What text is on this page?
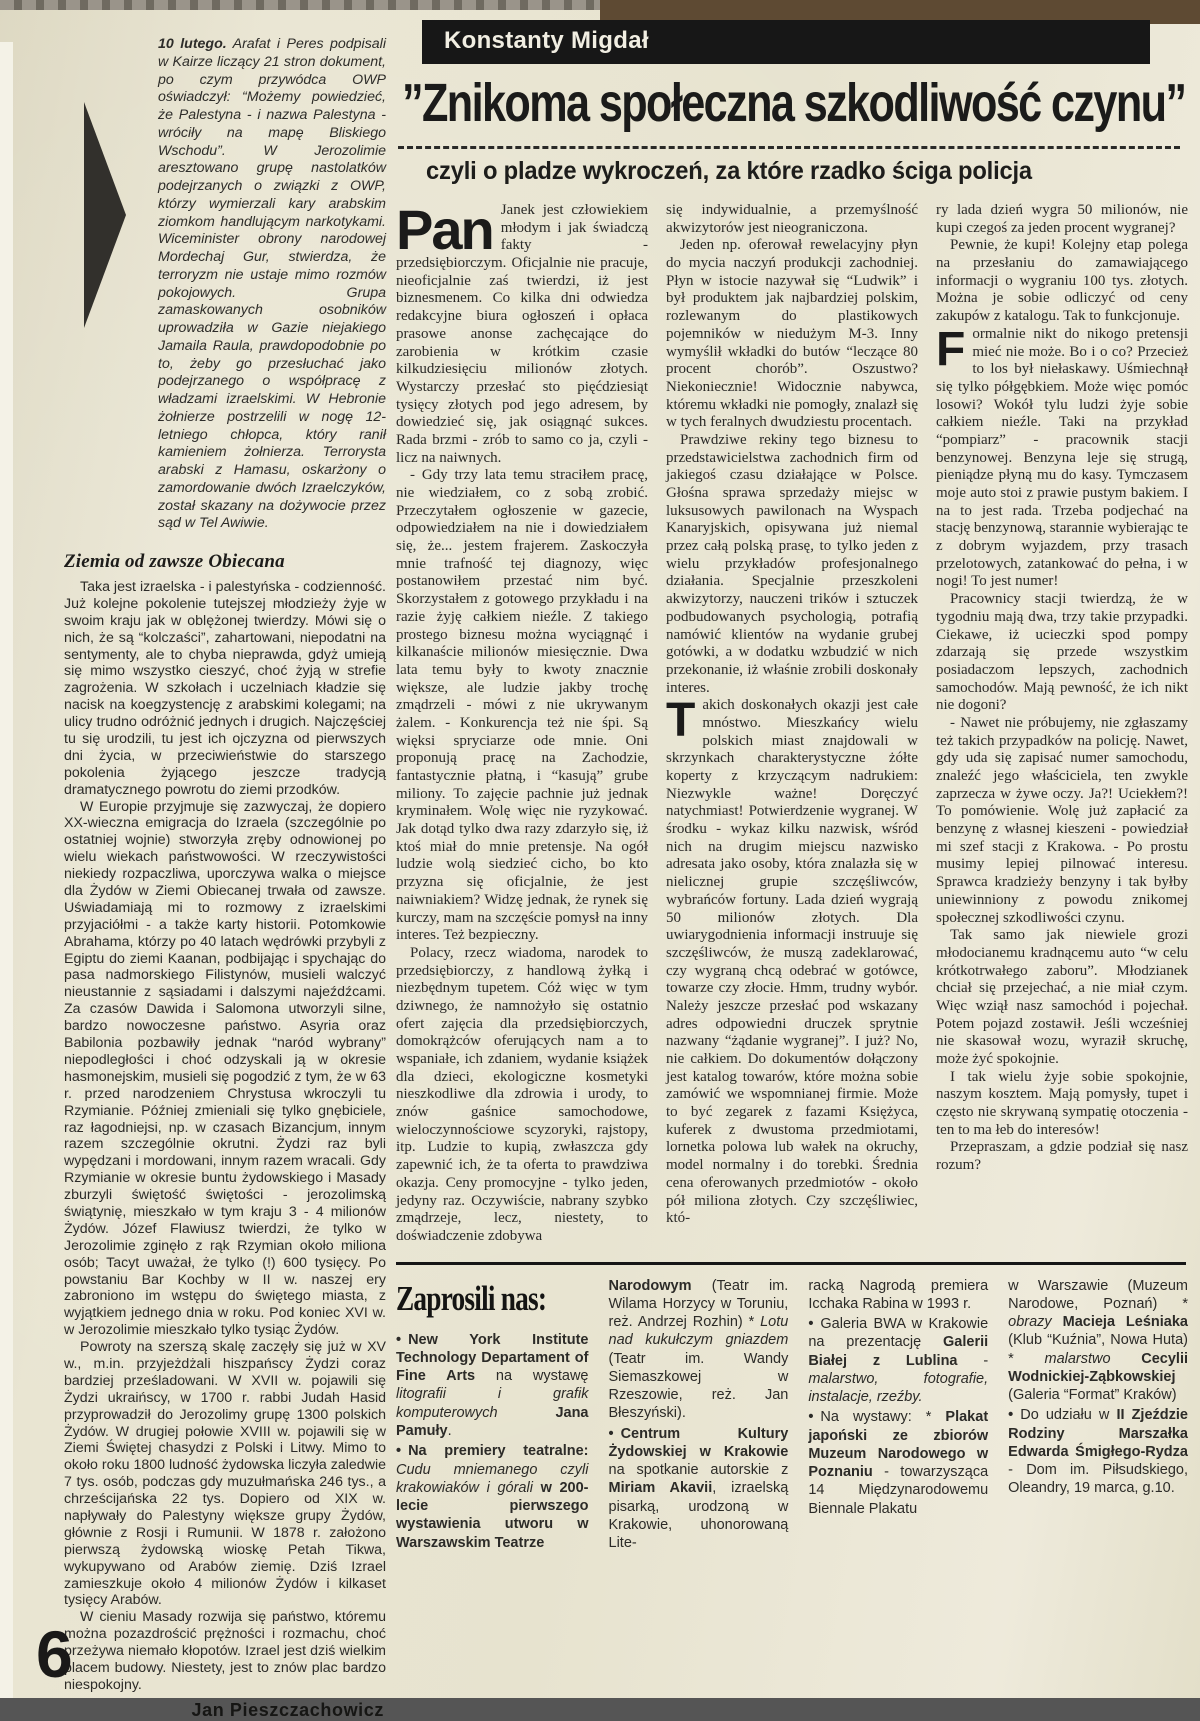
10 lutego. Arafat i Peres podpisali w Kairze liczący 21 stron dokument, po czym przywódca OWP oświadczył: “Możemy powiedzieć, że Palestyna - i nazwa Palestyna - wróciły na mapę Bliskiego Wschodu”. W Jerozolimie aresztowano grupę nastolatków podejrzanych o związki z OWP, którzy wymierzali kary arabskim ziomkom handlującym narkotykami. Wiceminister obrony narodowej Mordechaj Gur, stwierdza, że terroryzm nie ustaje mimo rozmów pokojowych. Grupa zamaskowanych osobników uprowadziła w Gazie niejakiego Jamaila Raula, prawdopodobnie po to, żeby go przesłuchać jako podejrzanego o współpracę z władzami izraelskimi. W Hebronie żołnierze postrzelili w nogę 12-letniego chłopca, który ranił kamieniem żołnierza. Terrorysta arabski z Hamasu, oskarżony o zamordowanie dwóch Izraelczyków, został skazany na dożywocie przez sąd w Tel Awiwie.

Ziemia od zawsze Obiecana

Taka jest izraelska - i palestyńska - codzienność. Już kolejne pokolenie tutejszej młodzieży żyje w swoim kraju jak w oblężonej twierdzy. Mówi się o nich, że są “kolczaści”, zahartowani, niepodatni na sentymenty, ale to chyba nieprawda, gdyż umieją się mimo wszystko cieszyć, choć żyją w strefie zagrożenia. W szkołach i uczelniach kładzie się nacisk na koegzystencję z arabskimi kolegami; na ulicy trudno odróżnić jednych i drugich. Najczęściej tu się urodzili, tu jest ich ojczyzna od pierwszych dni życia, w przeciwieństwie do starszego pokolenia żyjącego jeszcze tradycją dramatycznego powrotu do ziemi przodków.

W Europie przyjmuje się zazwyczaj, że dopiero XX-wieczna emigracja do Izraela (szczególnie po ostatniej wojnie) stworzyła zręby odnowionej po wielu wiekach państwowości. W rzeczywistości niekiedy rozpaczliwa, uporczywa walka o miejsce dla Żydów w Ziemi Obiecanej trwała od zawsze. Uświadamiają mi to rozmowy z izraelskimi przyjaciółmi - a także karty historii. Potomkowie Abrahama, którzy po 40 latach wędrówki przybyli z Egiptu do ziemi Kaanan, podbijając i spychając do pasa nadmorskiego Filistynów, musieli walczyć nieustannie z sąsiadami i dalszymi najeźdźcami. Za czasów Dawida i Salomona utworzyli silne, bardzo nowoczesne państwo. Asyria oraz Babilonia pozbawiły jednak “naród wybrany” niepodległości i choć odzyskali ją w okresie hasmonejskim, musieli się pogodzić z tym, że w 63 r. przed narodzeniem Chrystusa wkroczyli tu Rzymianie. Później zmieniali się tylko gnębiciele, raz łagodniejsi, np. w czasach Bizancjum, innym razem szczególnie okrutni. Żydzi raz byli wypędzani i mordowani, innym razem wracali. Gdy Rzymianie w okresie buntu żydowskiego i Masady zburzyli świętość świętości - jerozolimską świątynię, mieszkało w tym kraju 3 - 4 milionów Żydów. Józef Flawiusz twierdzi, że tylko w Jerozolimie zginęło z rąk Rzymian około miliona osób; Tacyt uważał, że tylko (!) 600 tysięcy. Po powstaniu Bar Kochby w II w. naszej ery zabroniono im wstępu do świętego miasta, z wyjątkiem jednego dnia w roku. Pod koniec XVI w. w Jerozolimie mieszkało tylko tysiąc Żydów.

Powroty na szerszą skalę zaczęły się już w XV w., m.in. przyjeżdżali hiszpańscy Żydzi coraz bardziej prześladowani. W XVII w. pojawili się Żydzi ukraińscy, w 1700 r. rabbi Judah Hasid przyprowadził do Jerozolimy grupę 1300 polskich Żydów. W drugiej połowie XVIII w. pojawili się w Ziemi Świętej chasydzi z Polski i Litwy. Mimo to około roku 1800 ludność żydowska liczyła zaledwie 7 tys. osób, podczas gdy muzułmańska 246 tys., a chrześcijańska 22 tys. Dopiero od XIX w. napływały do Palestyny większe grupy Żydów, głównie z Rosji i Rumunii. W 1878 r. założono pierwszą żydowską wioskę Petah Tikwa, wykupywano od Arabów ziemię. Dziś Izrael zamieszkuje około 4 milionów Żydów i kilkaset tysięcy Arabów.

W cieniu Masady rozwija się państwo, któremu można pozazdrościć prężności i rozmachu, choć przeżywa niemało kłopotów. Izrael jest dziś wielkim placem budowy. Niestety, jest to znów plac bardzo niespokojny.

Jan Pieszczachowicz
6
Konstanty Migdał
”Znikoma społeczna szkodliwość czynu”
czyli o pladze wykroczeń, za które rzadko ściga policja

Pan Janek jest człowiekiem młodym i jak świadczą fakty - przedsiębiorczym. Oficjalnie nie pracuje, nieoficjalnie zaś twierdzi, iż jest biznesmenem. Co kilka dni odwiedza redakcyjne biura ogłoszeń i opłaca prasowe anonse zachęcające do zarobienia w krótkim czasie kilkudziesięciu milionów złotych. Wystarczy przesłać sto pięćdziesiąt tysięcy złotych pod jego adresem, by dowiedzieć się, jak osiągnąć sukces. Rada brzmi - zrób to samo co ja, czyli - licz na naiwnych.

- Gdy trzy lata temu straciłem pracę, nie wiedziałem, co z sobą zrobić. Przeczytałem ogłoszenie w gazecie, odpowiedziałem na nie i dowiedziałem się, że... jestem frajerem. Zaskoczyła mnie trafność tej diagnozy, więc postanowiłem przestać nim być. Skorzystałem z gotowego przykładu i na razie żyję całkiem nieźle. Z takiego prostego biznesu można wyciągnąć i kilkanaście milionów miesięcznie. Dwa lata temu były to kwoty znacznie większe, ale ludzie jakby trochę zmądrzeli - mówi z nie ukrywanym żalem. - Konkurencja też nie śpi. Są więksi spryciarze ode mnie. Oni proponują pracę na Zachodzie, fantastycznie płatną, i “kasują” grube miliony. To zajęcie pachnie już jednak kryminałem. Wolę więc nie ryzykować. Jak dotąd tylko dwa razy zdarzyło się, iż ktoś miał do mnie pretensje. Na ogół ludzie wolą siedzieć cicho, bo kto przyzna się oficjalnie, że jest naiwniakiem? Widzę jednak, że rynek się kurczy, mam na szczęście pomysł na inny interes. Też bezpieczny.

Polacy, rzecz wiadoma, narodek to przedsiębiorczy, z handlową żyłką i niezbędnym tupetem. Cóż więc w tym dziwnego, że namnożyło się ostatnio ofert zajęcia dla przedsiębiorczych, domokrążców oferujących nam a to wspaniałe, ich zdaniem, wydanie książek dla dzieci, ekologiczne kosmetyki nieszkodliwe dla zdrowia i urody, to znów gaśnice samochodowe, wieloczynnościowe scyzoryki, rajstopy, itp. Ludzie to kupią, zwłaszcza gdy zapewnić ich, że ta oferta to prawdziwa okazja. Ceny promocyjne - tylko jeden, jedyny raz. Oczywiście, nabrany szybko zmądrzeje, lecz, niestety, to doświadczenie zdobywa

się indywidualnie, a przemyślność akwizytorów jest nieograniczona.

Jeden np. oferował rewelacyjny płyn do mycia naczyń produkcji zachodniej. Płyn w istocie nazywał się “Ludwik” i był produktem jak najbardziej polskim, rozlewanym do plastikowych pojemników w niedużym M-3. Inny wymyślił wkładki do butów “leczące 80 procent chorób”. Oszustwo? Niekoniecznie! Widocznie nabywca, któremu wkładki nie pomogły, znalazł się w tych feralnych dwudziestu procentach.

Prawdziwe rekiny tego biznesu to przedstawicielstwa zachodnich firm od jakiegoś czasu działające w Polsce. Głośna sprawa sprzedaży miejsc w luksusowych pawilonach na Wyspach Kanaryjskich, opisywana już niemal przez całą polską prasę, to tylko jeden z wielu przykładów profesjonalnego działania. Specjalnie przeszkoleni akwizytorzy, nauczeni trików i sztuczek podbudowanych psychologią, potrafią namówić klientów na wydanie grubej gotówki, a w dodatku wzbudzić w nich przekonanie, iż właśnie zrobili doskonały interes.

Takich doskonałych okazji jest całe mnóstwo. Mieszkańcy wielu polskich miast znajdowali w skrzynkach charakterystyczne żółte koperty z krzyczącym nadrukiem: Niezwykle ważne! Doręczyć natychmiast! Potwierdzenie wygranej. W środku - wykaz kilku nazwisk, wśród nich na drugim miejscu nazwisko adresata jako osoby, która znalazła się w nielicznej grupie szczęśliwców, wybrańców fortuny. Lada dzień wygrają 50 milionów złotych. Dla uwiarygodnienia informacji instruuje się szczęśliwców, że muszą zadeklarować, czy wygraną chcą odebrać w gotówce, towarze czy złocie. Hmm, trudny wybór. Należy jeszcze przesłać pod wskazany adres odpowiedni druczek sprytnie nazwany “żądanie wygranej”. I już? No, nie całkiem. Do dokumentów dołączony jest katalog towarów, które można sobie zamówić we wspomnianej firmie. Może to być zegarek z fazami Księżyca, kuferek z dwustoma przedmiotami, lornetka polowa lub wałek na okruchy, model normalny i do torebki. Średnia cena oferowanych przedmiotów - około pół miliona złotych. Czy szczęśliwiec, któ-

ry lada dzień wygra 50 milionów, nie kupi czegoś za jeden procent wygranej?

Pewnie, że kupi! Kolejny etap polega na przesłaniu do zamawiającego informacji o wygraniu 100 tys. złotych. Można je sobie odliczyć od ceny zakupów z katalogu. Tak to funkcjonuje.

Formalnie nikt do nikogo pretensji mieć nie może. Bo i o co? Przecież to los był niełaskawy. Uśmiechnął się tylko półgębkiem. Może więc pomóc losowi? Wokół tylu ludzi żyje sobie całkiem nieźle. Taki na przykład “pompiarz” - pracownik stacji benzynowej. Benzyna leje się strugą, pieniądze płyną mu do kasy. Tymczasem moje auto stoi z prawie pustym bakiem. I na to jest rada. Trzeba podjechać na stację benzynową, starannie wybierając te z dobrym wyjazdem, przy trasach przelotowych, zatankować do pełna, i w nogi! To jest numer!

Pracownicy stacji twierdzą, że w tygodniu mają dwa, trzy takie przypadki. Ciekawe, iż ucieczki spod pompy zdarzają się przede wszystkim posiadaczom lepszych, zachodnich samochodów. Mają pewność, że ich nikt nie dogoni?

- Nawet nie próbujemy, nie zgłaszamy też takich przypadków na policję. Nawet, gdy uda się zapisać numer samochodu, znaleźć jego właściciela, ten zwykle zaprzecza w żywe oczy. Ja?! Uciekłem?! To pomówienie. Wolę już zapłacić za benzynę z własnej kieszeni - powiedział mi szef stacji z Krakowa. - Po prostu musimy lepiej pilnować interesu. Sprawca kradzieży benzyny i tak byłby uniewinniony z powodu znikomej społecznej szkodliwości czynu.

Tak samo jak niewiele grozi młodocianemu kradnącemu auto “w celu krótkotrwałego zaboru”. Młodzianek chciał się przejechać, a nie miał czym. Więc wziął nasz samochód i pojechał. Potem pojazd zostawił. Jeśli wcześniej nie skasował wozu, wyraził skruchę, może żyć spokojnie.

I tak wielu żyje sobie spokojnie, naszym kosztem. Mają pomysły, tupet i często nie skrywaną sympatię otoczenia - ten to ma łeb do interesów!

Przepraszam, a gdzie podział się nasz rozum?

Zaprosili nas:

• New York Institute Technology Departament of Fine Arts na wystawę litografii i grafik komputerowych	Jana Pamuły.

• Na premiery teatralne: Cudu mniemanego czyli krakowiaków i górali w 200-lecie pierwszego wystawienia utworu w Warszawskim Teatrze

Narodowym (Teatr im. Wilama Horzycy w Toruniu, reż. Andrzej Rozhin) * Lotu nad kukułczym gniazdem (Teatr im. Wandy Siemaszkowej w Rzeszowie, reż. Jan Błeszyński).

• Centrum Kultury Żydowskiej w Krakowie na spotkanie autorskie z Miriam Akavii, izraelską pisarką, urodzoną w Krakowie, uhonorowaną Lite-

racką Nagrodą premiera Icchaka Rabina w 1993 r.

• Galeria BWA w Krakowie na prezentację Galerii Białej z Lublina - malarstwo, fotografie, instalacje, rzeźby.

• Na wystawy: * Plakat japoński ze zbiorów Muzeum Narodowego w Poznaniu - towarzysząca 14 Międzynarodowemu Biennale Plakatu

w Warszawie (Muzeum Narodowe, Poznań) * obrazy Macieja Leśniaka (Klub “Kuźnia”, Nowa Huta) * malarstwo Cecylii Wodnickiej-Ząbkowskiej (Galeria “Format” Kraków)

• Do udziału w II Zjeździe Rodziny Marszałka Edwarda Śmigłego-Rydza - Dom im. Piłsudskiego, Oleandry, 19 marca, g.10.
